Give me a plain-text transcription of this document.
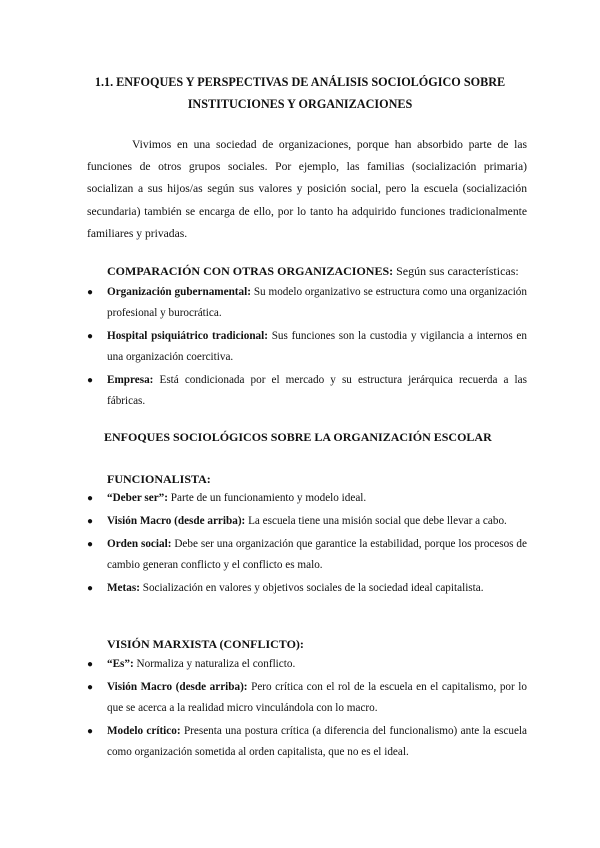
1.1. ENFOQUES Y PERSPECTIVAS DE ANÁLISIS SOCIOLÓGICO SOBRE INSTITUCIONES Y ORGANIZACIONES

Vivimos en una sociedad de organizaciones, porque han absorbido parte de las funciones de otros grupos sociales. Por ejemplo, las familias (socialización primaria) socializan a sus hijos/as según sus valores y posición social, pero la escuela (socialización secundaria) también se encarga de ello, por lo tanto ha adquirido funciones tradicionalmente familiares y privadas.

COMPARACIÓN CON OTRAS ORGANIZACIONES: Según sus características:
● Organización gubernamental: Su modelo organizativo se estructura como una organización profesional y burocrática.
● Hospital psiquiátrico tradicional: Sus funciones son la custodia y vigilancia a internos en una organización coercitiva.
● Empresa: Está condicionada por el mercado y su estructura jerárquica recuerda a las fábricas.
ENFOQUES SOCIOLÓGICOS SOBRE LA ORGANIZACIÓN ESCOLAR
FUNCIONALISTA:
● “Deber ser”: Parte de un funcionamiento y modelo ideal.
● Visión Macro (desde arriba): La escuela tiene una misión social que debe llevar a cabo.
● Orden social: Debe ser una organización que garantice la estabilidad, porque los procesos de cambio generan conflicto y el conflicto es malo.
● Metas: Socialización en valores y objetivos sociales de la sociedad ideal capitalista.
VISIÓN MARXISTA (CONFLICTO):
● “Es”: Normaliza y naturaliza el conflicto.
● Visión Macro (desde arriba): Pero crítica con el rol de la escuela en el capitalismo, por lo que se acerca a la realidad micro vinculándola con lo macro.
● Modelo crítico: Presenta una postura crítica (a diferencia del funcionalismo) ante la escuela como organización sometida al orden capitalista, que no es el ideal.
